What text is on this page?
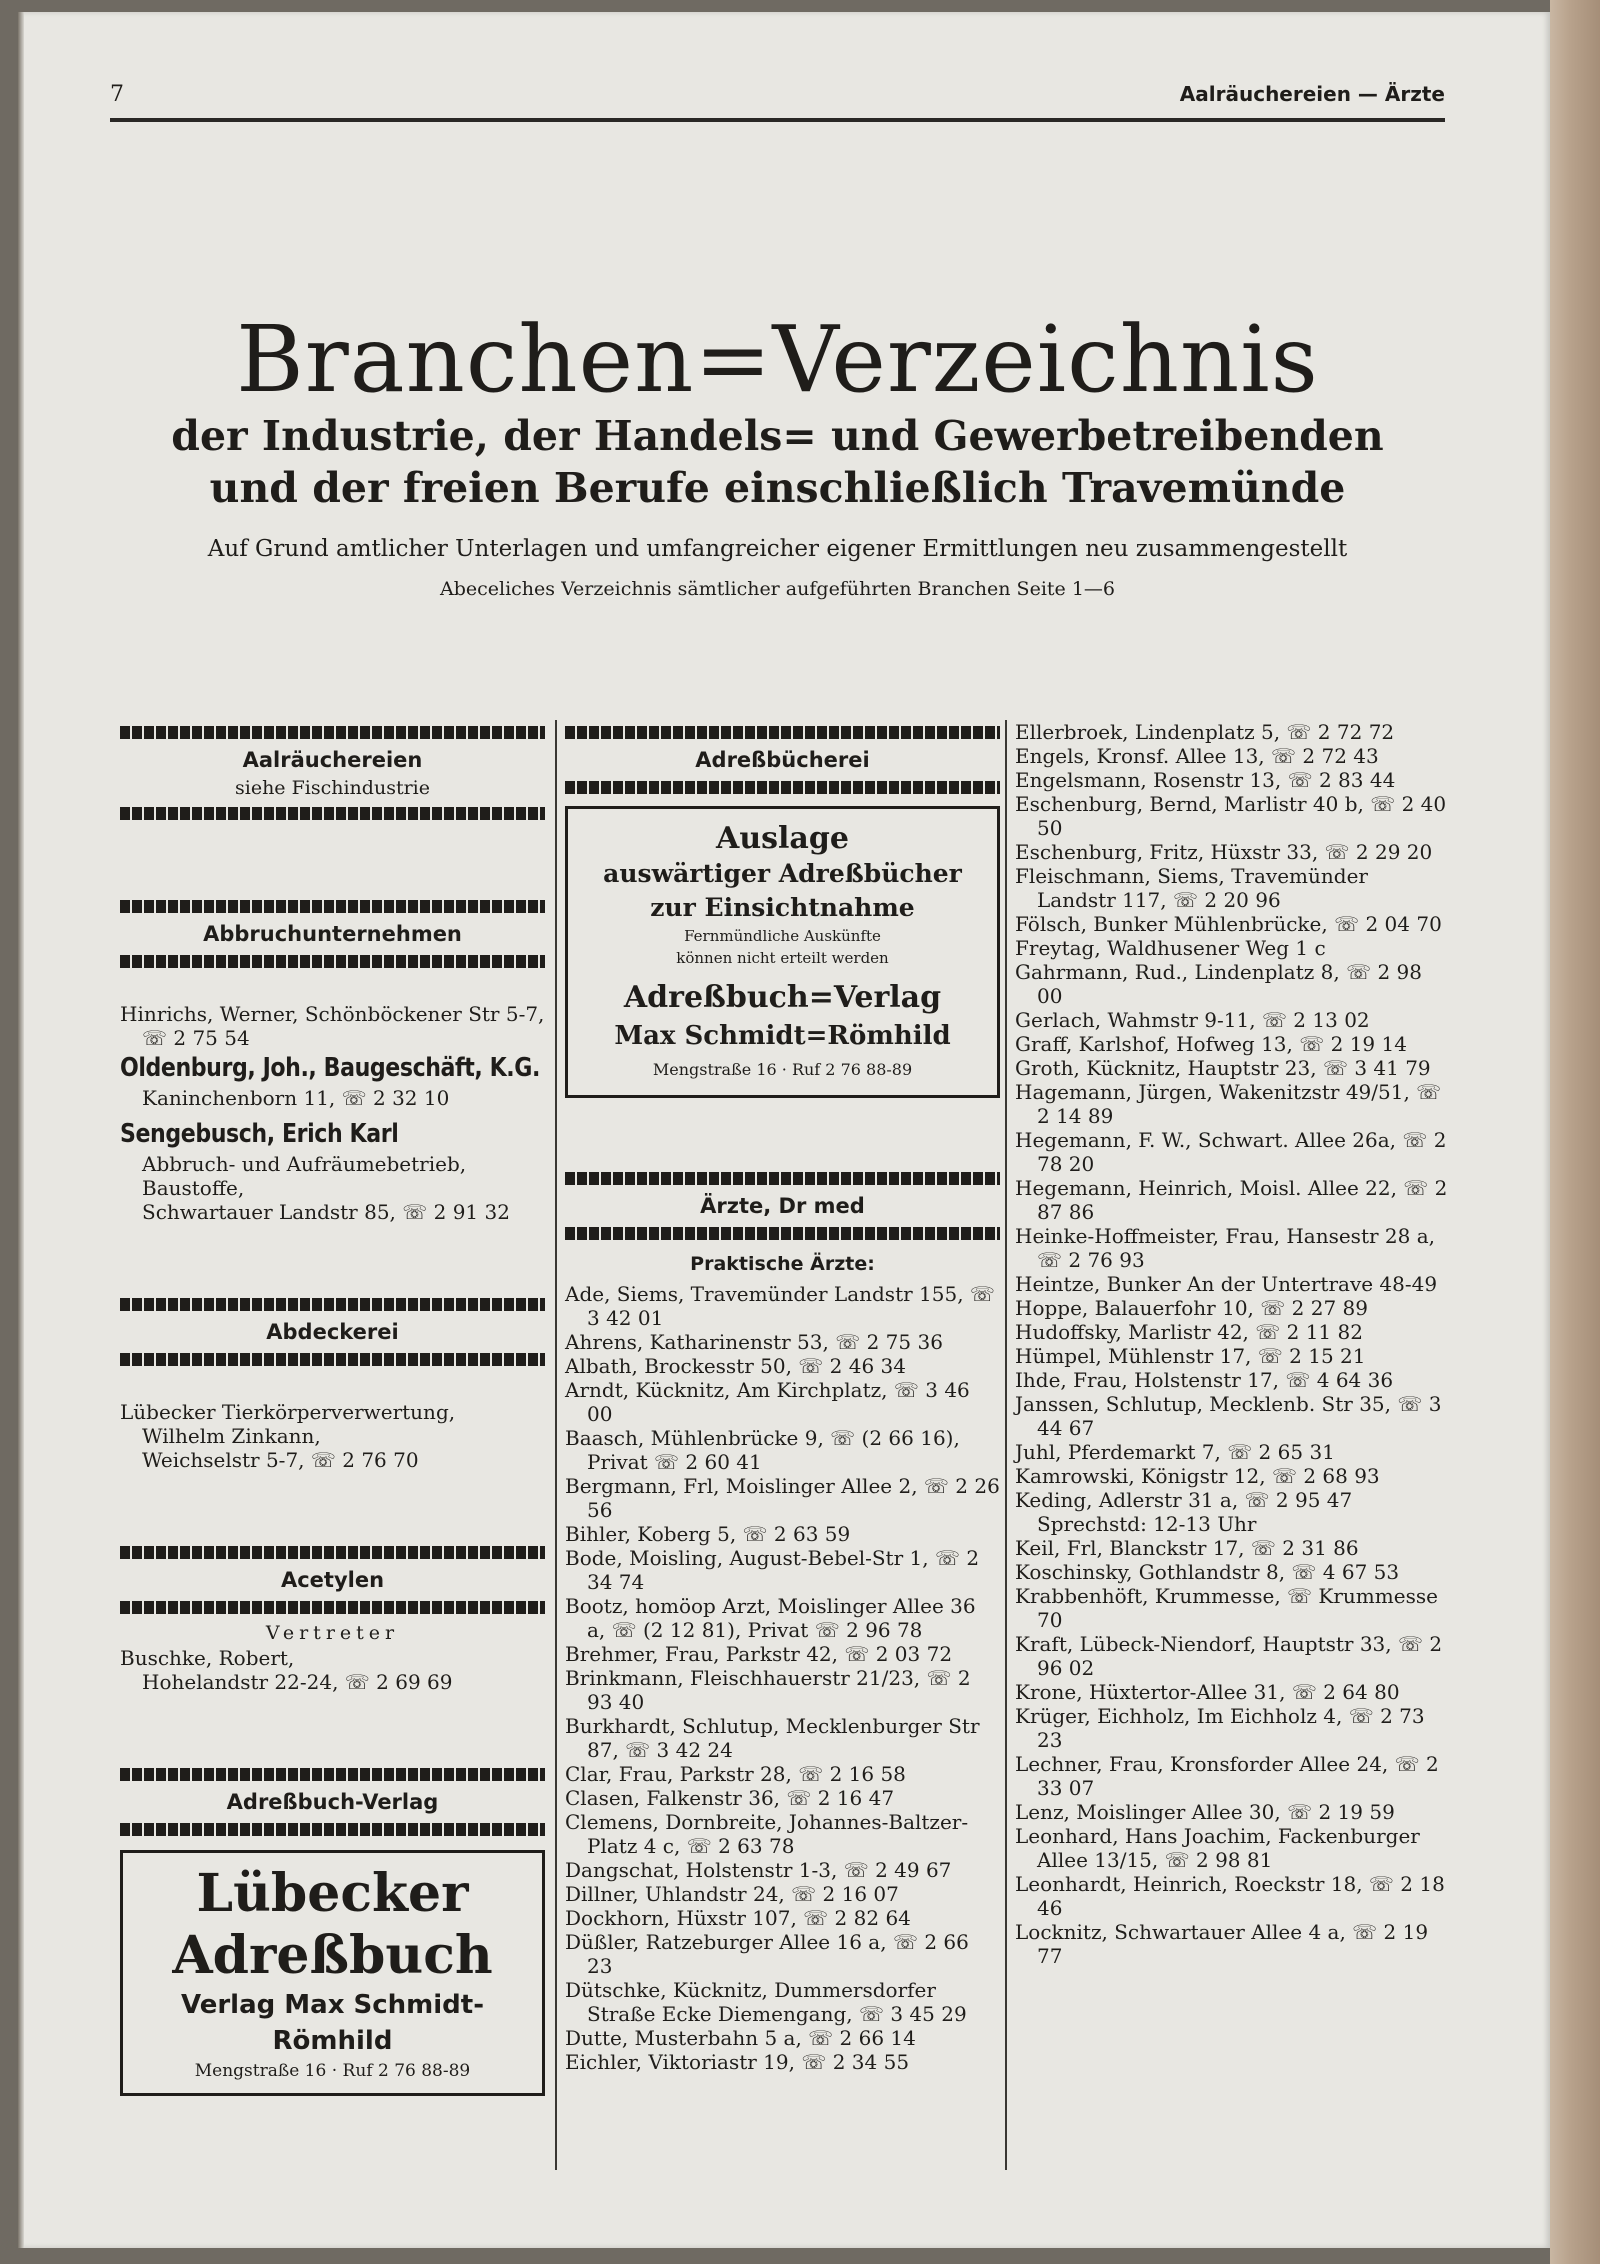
7	Aalräuchereien — Ärzte
Branchen=Verzeichnis
der Industrie, der Handels= und Gewerbetreibenden
und der freien Berufe einschließlich Travemünde
Auf Grund amtlicher Unterlagen und umfangreicher eigener Ermittlungen neu zusammengestellt
Abeceliches Verzeichnis sämtlicher aufgeführten Branchen Seite 1—6
Aalräuchereien
siehe Fischindustrie
Abbruchunternehmen
Hinrichs, Werner, Schönböckener Str 5-7, ☏ 2 75 54
Oldenburg, Joh., Baugeschäft, K.G.
Kaninchenborn 11, ☏ 2 32 10
Sengebusch, Erich Karl
Abbruch- und Aufräumebetrieb,
Baustoffe,
Schwartauer Landstr 85, ☏ 2 91 32
Abdeckerei
Lübecker Tierkörperverwertung,
Wilhelm Zinkann,
Weichselstr 5-7, ☏ 2 76 70
Acetylen
Vertreter
Buschke, Robert,
Hohelandstr 22-24, ☏ 2 69 69
Adreßbuch-Verlag
Lübecker
Adreßbuch
Verlag Max Schmidt-Römhild
Mengstraße 16 · Ruf 2 76 88-89
Adreßbücherei
Auslage
auswärtiger Adreßbücher
zur Einsichtnahme
Fernmündliche Auskünfte
können nicht erteilt werden
Adreßbuch=Verlag
Max Schmidt=Römhild
Mengstraße 16 · Ruf 2 76 88-89
Ärzte, Dr med
Praktische Ärzte:
Ade, Siems, Travemünder Landstr 155, ☏ 3 42 01
Ahrens, Katharinenstr 53, ☏ 2 75 36
Albath, Brockesstr 50, ☏ 2 46 34
Arndt, Kücknitz, Am Kirchplatz, ☏ 3 46 00
Baasch, Mühlenbrücke 9, ☏ (2 66 16), Privat ☏ 2 60 41
Bergmann, Frl, Moislinger Allee 2, ☏ 2 26 56
Bihler, Koberg 5, ☏ 2 63 59
Bode, Moisling, August-Bebel-Str 1, ☏ 2 34 74
Bootz, homöop Arzt, Moislinger Allee 36 a, ☏ (2 12 81), Privat ☏ 2 96 78
Brehmer, Frau, Parkstr 42, ☏ 2 03 72
Brinkmann, Fleischhauerstr 21/23, ☏ 2 93 40
Burkhardt, Schlutup, Mecklenburger Str 87, ☏ 3 42 24
Clar, Frau, Parkstr 28, ☏ 2 16 58
Clasen, Falkenstr 36, ☏ 2 16 47
Clemens, Dornbreite, Johannes-Baltzer-Platz 4 c, ☏ 2 63 78
Dangschat, Holstenstr 1-3, ☏ 2 49 67
Dillner, Uhlandstr 24, ☏ 2 16 07
Dockhorn, Hüxstr 107, ☏ 2 82 64
Düßler, Ratzeburger Allee 16 a, ☏ 2 66 23
Dütschke, Kücknitz, Dummersdorfer Straße Ecke Diemengang, ☏ 3 45 29
Dutte, Musterbahn 5 a, ☏ 2 66 14
Eichler, Viktoriastr 19, ☏ 2 34 55
Ellerbroek, Lindenplatz 5, ☏ 2 72 72
Engels, Kronsf. Allee 13, ☏ 2 72 43
Engelsmann, Rosenstr 13, ☏ 2 83 44
Eschenburg, Bernd, Marlistr 40 b, ☏ 2 40 50
Eschenburg, Fritz, Hüxstr 33, ☏ 2 29 20
Fleischmann, Siems, Travemünder Landstr 117, ☏ 2 20 96
Fölsch, Bunker Mühlenbrücke, ☏ 2 04 70
Freytag, Waldhusener Weg 1 c
Gahrmann, Rud., Lindenplatz 8, ☏ 2 98 00
Gerlach, Wahmstr 9-11, ☏ 2 13 02
Graff, Karlshof, Hofweg 13, ☏ 2 19 14
Groth, Kücknitz, Hauptstr 23, ☏ 3 41 79
Hagemann, Jürgen, Wakenitzstr 49/51, ☏ 2 14 89
Hegemann, F. W., Schwart. Allee 26a, ☏ 2 78 20
Hegemann, Heinrich, Moisl. Allee 22, ☏ 2 87 86
Heinke-Hoffmeister, Frau, Hansestr 28 a, ☏ 2 76 93
Heintze, Bunker An der Untertrave 48-49
Hoppe, Balauerfohr 10, ☏ 2 27 89
Hudoffsky, Marlistr 42, ☏ 2 11 82
Hümpel, Mühlenstr 17, ☏ 2 15 21
Ihde, Frau, Holstenstr 17, ☏ 4 64 36
Janssen, Schlutup, Mecklenb. Str 35, ☏ 3 44 67
Juhl, Pferdemarkt 7, ☏ 2 65 31
Kamrowski, Königstr 12, ☏ 2 68 93
Keding, Adlerstr 31 a, ☏ 2 95 47 Sprechstd: 12-13 Uhr
Keil, Frl, Blanckstr 17, ☏ 2 31 86
Koschinsky, Gothlandstr 8, ☏ 4 67 53
Krabbenhöft, Krummesse, ☏ Krummesse 70
Kraft, Lübeck-Niendorf, Hauptstr 33, ☏ 2 96 02
Krone, Hüxtertor-Allee 31, ☏ 2 64 80
Krüger, Eichholz, Im Eichholz 4, ☏ 2 73 23
Lechner, Frau, Kronsforder Allee 24, ☏ 2 33 07
Lenz, Moislinger Allee 30, ☏ 2 19 59
Leonhard, Hans Joachim, Fackenburger Allee 13/15, ☏ 2 98 81
Leonhardt, Heinrich, Roeckstr 18, ☏ 2 18 46
Locknitz, Schwartauer Allee 4 a, ☏ 2 19 77
